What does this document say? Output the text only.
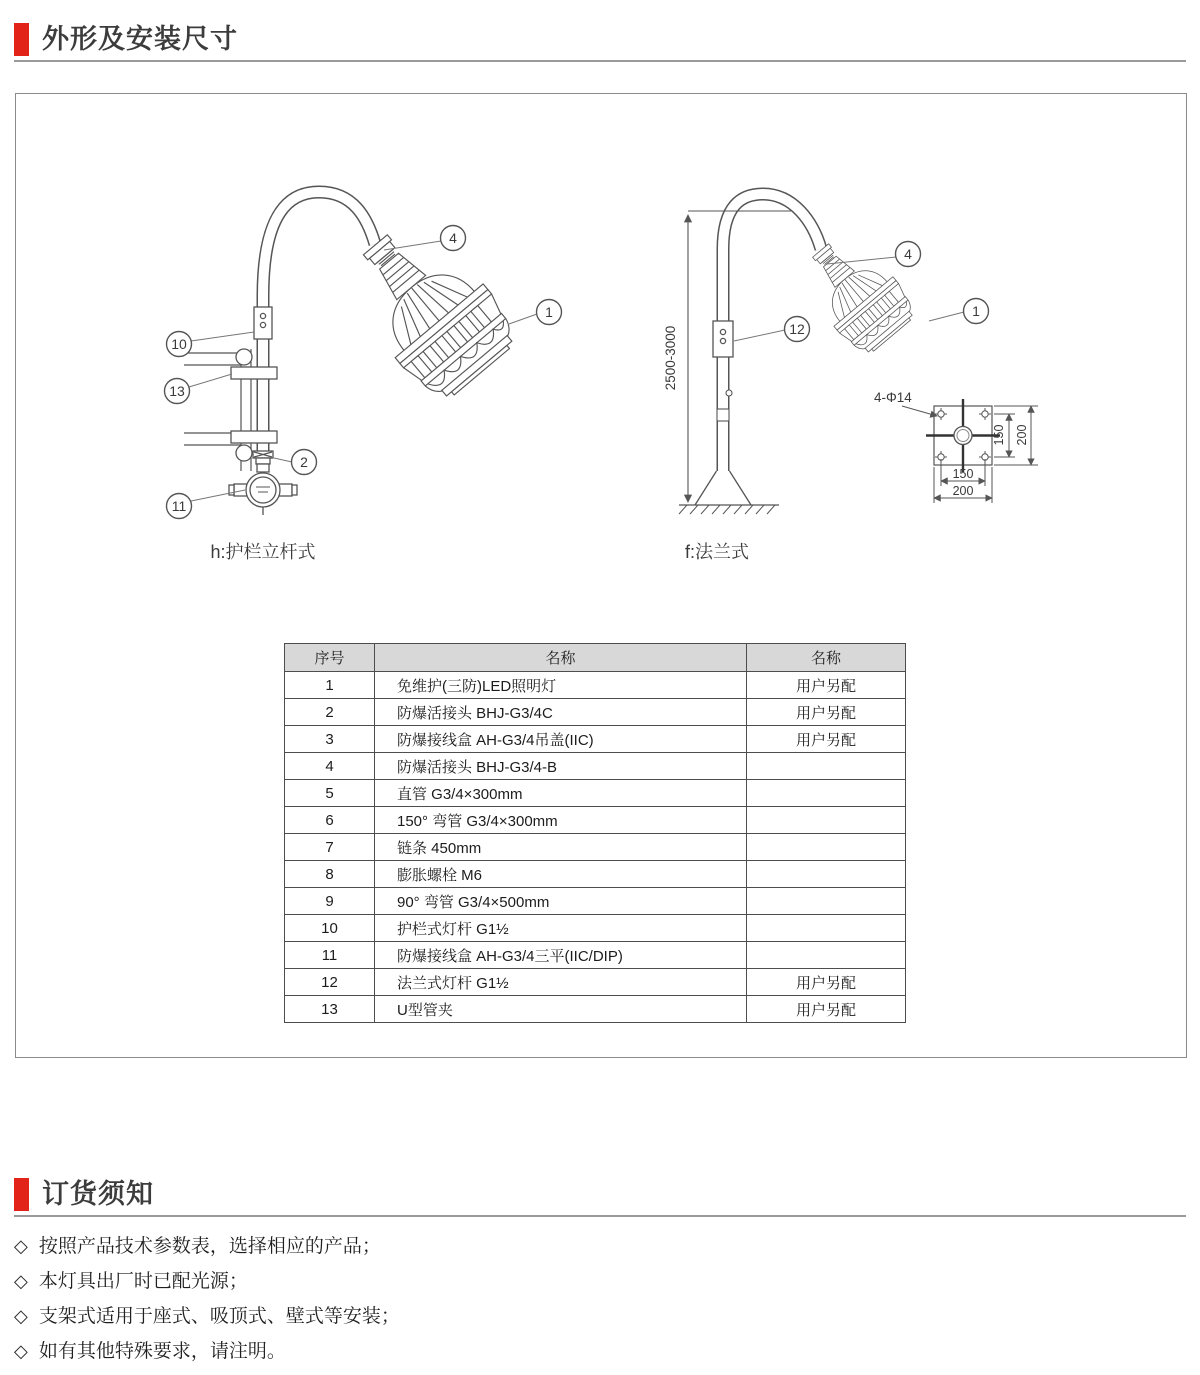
外形及安装尺寸
4
1
10
13
2
11
h:护栏立杆式
2500-3000
4
12
1
f:法兰式
150 200
150
200
4-Φ14
序号	名称	名称
1	免维护(三防)LED照明灯	用户另配
2	防爆活接头 BHJ-G3/4C	用户另配
3	防爆接线盒 AH-G3/4吊盖(IIC)	用户另配
4	防爆活接头 BHJ-G3/4-B	
5	直管 G3/4×300mm	
6	150° 弯管 G3/4×300mm	
7	链条 450mm	
8	膨胀螺栓 M6	
9	90° 弯管 G3/4×500mm	
10	护栏式灯杆 G1½	
11	防爆接线盒 AH-G3/4三平(IIC/DIP)	
12	法兰式灯杆 G1½	用户另配
13	U型管夹	用户另配
订货须知
◇ 按照产品技术参数表，选择相应的产品；
◇ 本灯具出厂时已配光源；
◇ 支架式适用于座式、吸顶式、壁式等安装；
◇ 如有其他特殊要求，请注明。
